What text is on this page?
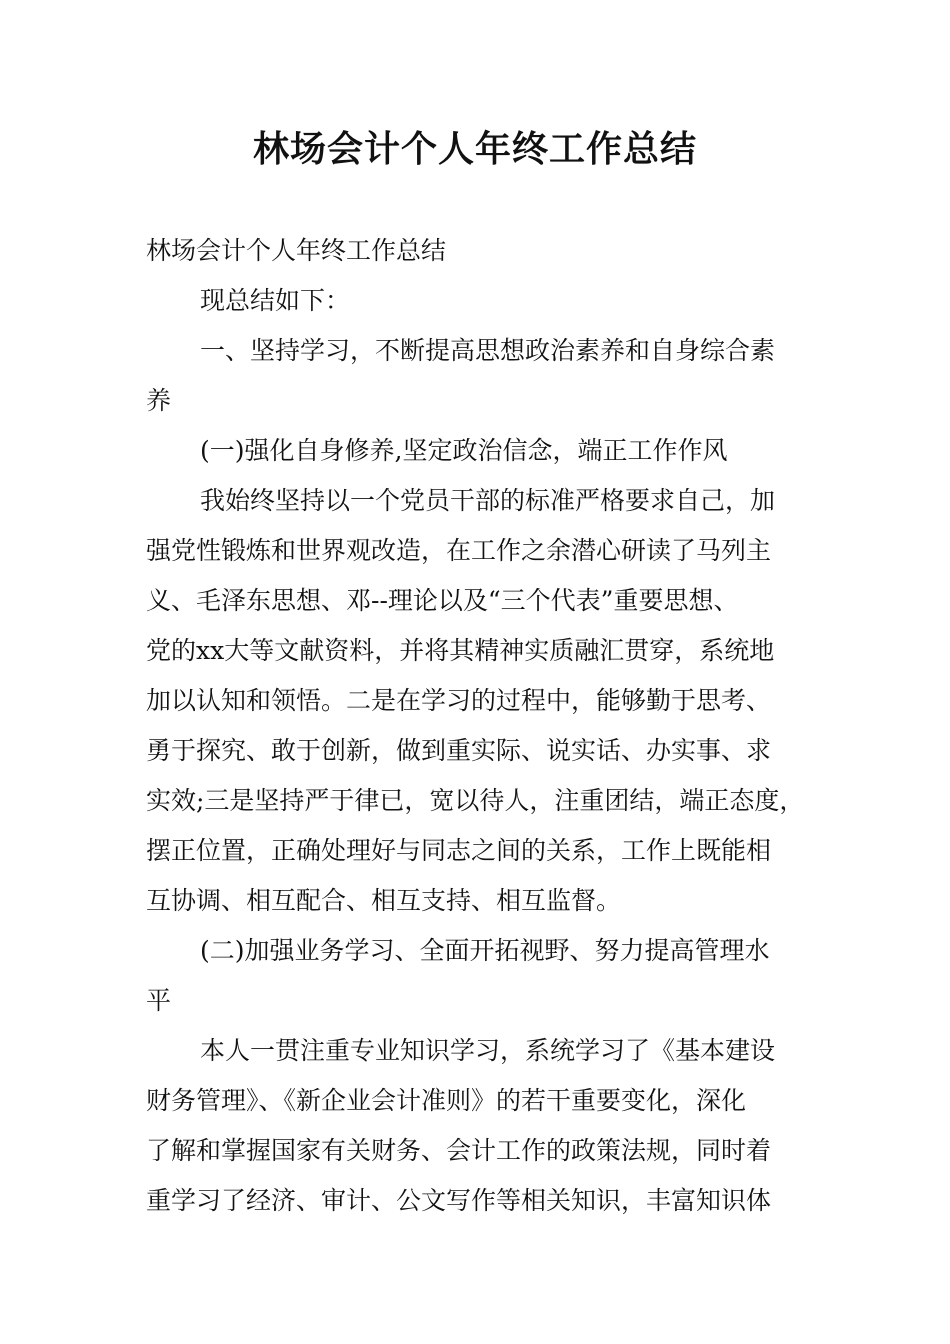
林场会计个人年终工作总结
林场会计个人年终工作总结
现总结如下：
一、坚持学习，不断提高思想政治素养和自身综合素
养
(一)强化自身修养,坚定政治信念，端正工作作风
我始终坚持以一个党员干部的标准严格要求自己，加
强党性锻炼和世界观改造，在工作之余潜心研读了马列主
义、毛泽东思想、邓--理论以及“三个代表”重要思想、
党的xx大等文献资料，并将其精神实质融汇贯穿，系统地
加以认知和领悟。二是在学习的过程中，能够勤于思考、
勇于探究、敢于创新，做到重实际、说实话、办实事、求
实效;三是坚持严于律已，宽以待人，注重团结，端正态度，
摆正位置，正确处理好与同志之间的关系，工作上既能相
互协调、相互配合、相互支持、相互监督。
(二)加强业务学习、全面开拓视野、努力提高管理水
平
本人一贯注重专业知识学习，系统学习了《基本建设
财务管理》、《新企业会计准则》的若干重要变化，深化
了解和掌握国家有关财务、会计工作的政策法规，同时着
重学习了经济、审计、公文写作等相关知识，丰富知识体
